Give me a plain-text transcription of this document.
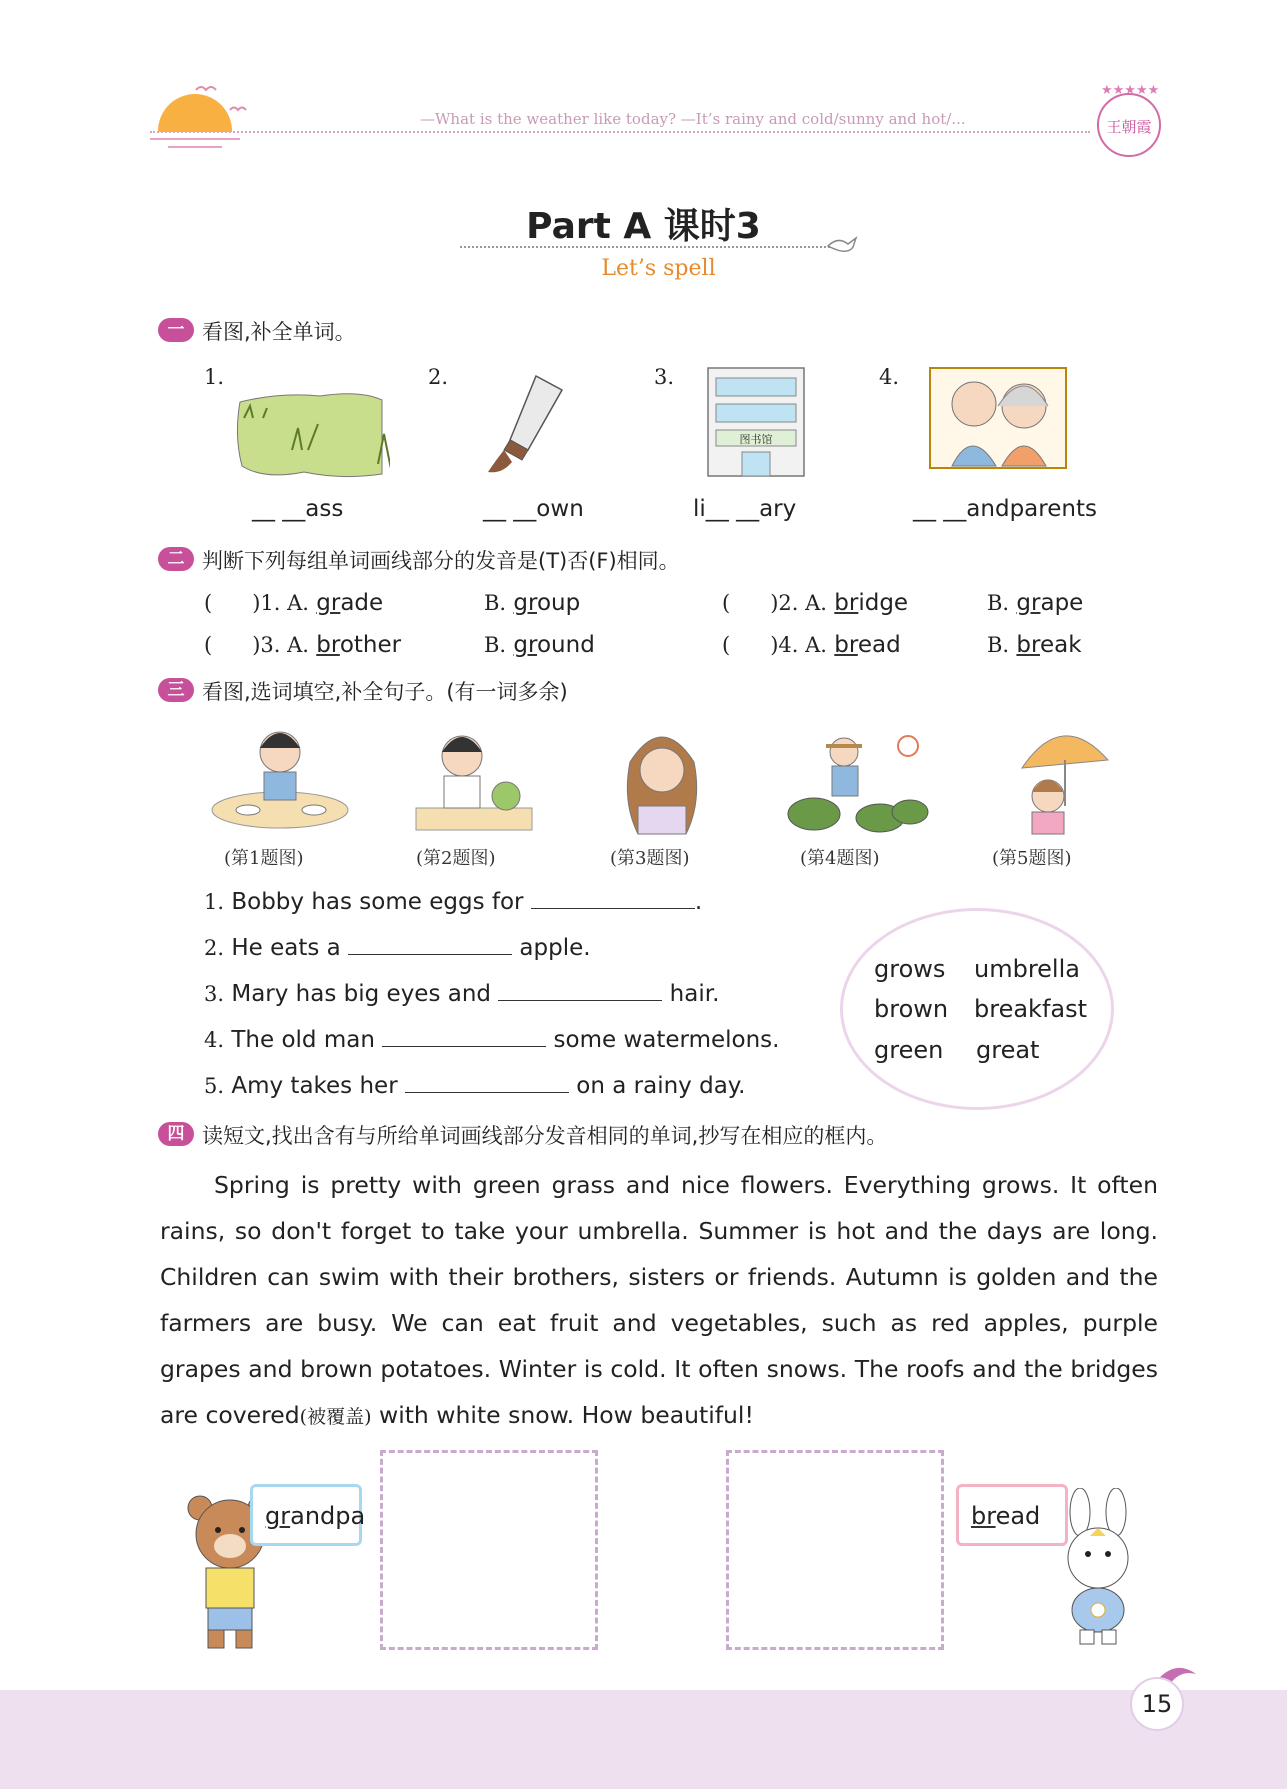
—What is the weather like today? —It’s rainy and cold/sunny and hot/...
★★★★★
王朝霞
Part A 课时3
Let’s spell
一 看图,补全单词。
1.	2.	3.	4.
图书馆
__ __ass	__ __own	li__ __ary	__ __andparents
二 判断下列每组单词画线部分的发音是(T)否(F)相同。
( )1. A. grade	B. group	( )2. A. bridge	B. grape
( )3. A. brother	B. ground	( )4. A. bread	B. break
三 看图,选词填空,补全句子。(有一词多余)
(第1题图)	(第2题图)	(第3题图)	(第4题图)	(第5题图)
1. Bobby has some eggs for	.
2. He eats a	apple.
3. Mary has big eyes and	hair.
4. The old man	some watermelons.
5. Amy takes her	on a rainy day.
grows umbrella
brown breakfast
green great
四 读短文,找出含有与所给单词画线部分发音相同的单词,抄写在相应的框内。
Spring is pretty with green grass and nice flowers. Everything grows. It often rains, so don't forget to take your umbrella. Summer is hot and the days are long. Children can swim with their brothers, sisters or friends. Autumn is golden and the farmers are busy. We can eat fruit and vegetables, such as red apples, purple grapes and brown potatoes. Winter is cold. It often snows. The roofs and the bridges are covered(被覆盖) with white snow. How beautiful!
grandpa	bread
15
